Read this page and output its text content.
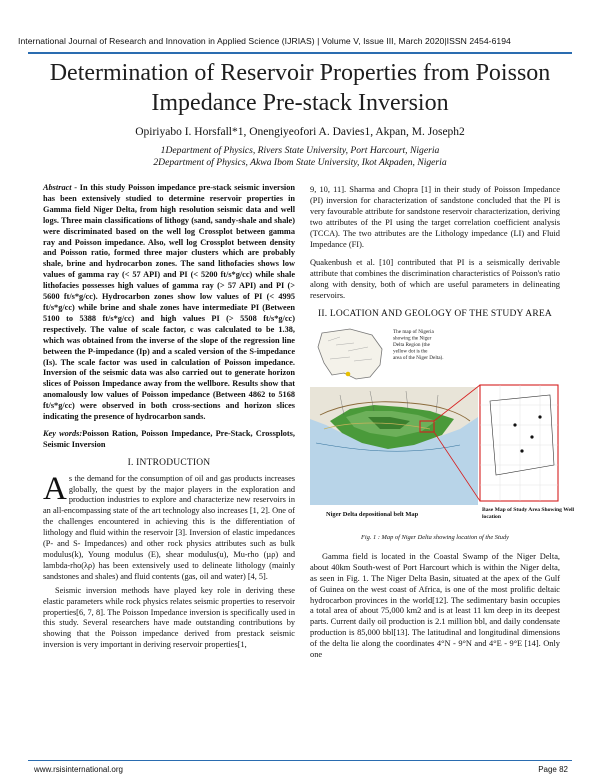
International Journal of Research and Innovation in Applied Science (IJRIAS) | Volume V, Issue III, March 2020|ISSN 2454-6194
Determination of Reservoir Properties from Poisson Impedance Pre-stack Inversion
Opiriyabo I. Horsfall*1, Onengiyeofori A. Davies1, Akpan, M. Joseph2
1Department of Physics, Rivers State University, Port Harcourt, Nigeria
2Department of Physics, Akwa Ibom State University, Ikot Akpaden, Nigeria

Abstract - In this study Poisson impedance pre-stack seismic inversion has been extensively studied to determine reservoir properties in Gamma field Niger Delta, from high resolution seismic data and well logs. Three main classifications of lithogy (sand, sandy-shale and shale) were discriminated based on the well log Crossplot between gamma ray and Poisson impedance. Also, well log Crossplot between density and Poisson ratio, formed three major clusters which are probably shale, brine and hydrocarbon zones. The sand lithofacies shows low values of gamma ray (< 57 API) and PI (< 5200 ft/s*g/cc) while shale lithofacies possesses high values of gamma ray (> 57 API) and PI (> 5600 ft/s*g/cc). Hydrocarbon zones show low values of PI (< 4995 ft/s*g/cc) while brine and shale zones have intermediate PI (Between 5100 to 5388 ft/s*g/cc) and high values PI (> 5508 ft/s*g/cc) respectively. The value of scale factor, c was calculated to be 1.38, which was obtained from the inverse of the slope of the regression line between the P-impedance (Ip) and a scaled version of the S-impedance (Is). The scale factor was used in calculation of Poisson impedance. Inversion of the seismic data was also carried out to generate horizon slices of Poisson Impedance away from the wellbore. Results show that anomalously low values of Poisson impedance (Between 4862 to 5168 ft/s*g/cc) were observed in both cross-sections and horizon slices indicating the presence of hydrocarbon sands.

Key words:Poisson Ration, Poisson Impedance, Pre-Stack, Crossplots, Seismic Inversion

I. INTRODUCTION

As the demand for the consumption of oil and gas products increases globally, the quest by the major players in the exploration and production industries to explore and characterize new reservoirs in an all-encompassing state of the art technology also increases [1, 2]. One of the challenges encountered in achieving this is the differentiation of lithology and fluid within the reservoir [3]. Inversion of elastic impedances (P- and S- Impedances) and other rock physics attributes such as bulk modulus(k), Young modulus (E), shear modulus(u), Mu-rho (µρ) and lambda-rho(λρ) has been extensively used to delineate lithology (mainly sandstones and shales) and fluid contents (gas, oil and water) [4, 5].

Seismic inversion methods have played key role in deriving these elastic parameters while rock physics relates seismic properties to reservoir properties[6, 7, 8]. The Poisson Impedance inversion is specifically used in this study. Several researchers have made outstanding contributions by showing that the Poisson impedance derived from prestack seismic inversion is very important in deriving reservoir properties[1,

9, 10, 11]. Sharma and Chopra [1] in their study of Poisson Impedance (PI) inversion for characterization of sandstone concluded that the PI is very favourable attribute for sandstone reservoir characterization, deriving two attributes of the PI using the target correlation coefficient analysis (TCCA). The two attributes are the Lithology impedance (LI) and Fluid Impedance (FI).

Quakenbush et al. [10] contributed that PI is a seismically derivable attribute that combines the discrimination characteristics of Poisson's ratio along with density, both of which are useful parameters in delineating reservoirs.

II. LOCATION AND GEOLOGY OF THE STUDY AREA
The map of Nigeria showing the Niger Delta Region (the yellow dot is the area of the Niger Delta).
Niger Delta depositional belt Map
Base Map of Study Area Showing Well location
Fig. 1 : Map of Niger Delta showing location of the Study

Gamma field is located in the Coastal Swamp of the Niger Delta, about 40km South-west of Port Harcourt which is within the Niger delta, as seen in Fig. 1. The Niger Delta Basin, situated at the apex of the Gulf of Guinea on the west coast of Africa, is one of the most prolific deltaic hydrocarbon provinces in the world[12]. The sedimentary basin occupies a total area of about 75,000 km2 and is at least 11 km deep in its deepest parts. Current daily oil production is 2.1 million bbl, and daily condensate production is 85,000 bbl[13]. The latitudinal and longitudinal dimensions of the delta lie along the coordinates 4°N - 9°N and 4°E - 9°E [14]. Only one

www.rsisinternational.org	Page 82
